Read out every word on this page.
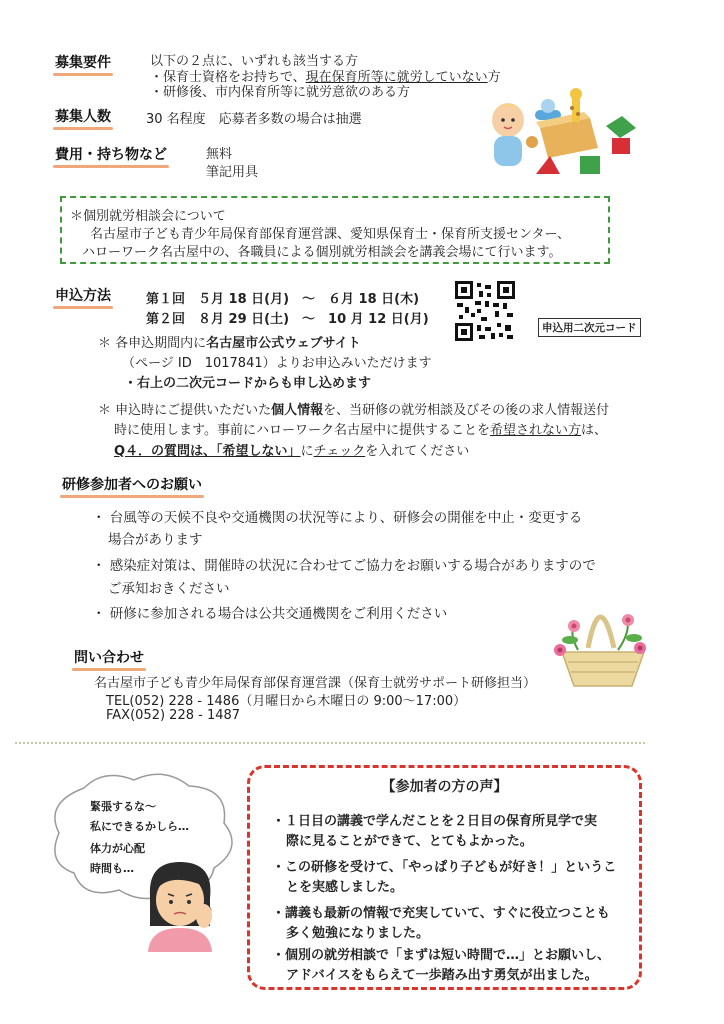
募集要件	以下の２点に、いずれも該当する方
・保育士資格をお持ちで、現在保育所等に就労していない方
・研修後、市内保育所等に就労意欲のある方
募集人数	30 名程度　応募者多数の場合は抽選
費用・持ち物など	無料
筆記用具
＊個別就労相談会について
名古屋市子ども青少年局保育部保育運営課、愛知県保育士・保育所支援センター、
ハローワーク名古屋中の、各職員による個別就労相談会を講義会場にて行います。
申込方法	第１回　５月 18 日(月)　～　６月 18 日(木)
第２回　８月 29 日(土)　～　10 月 12 日(月)
申込用二次元コード
＊ 各申込期間内に名古屋市公式ウェブサイト
（ページ ID　1017841）よりお申込みいただけます
・右上の二次元コードからも申し込めます
＊ 申込時にご提供いただいた個人情報を、当研修の就労相談及びその後の求人情報送付
時に使用します。事前にハローワーク名古屋中に提供することを希望されない方は、
Q４．の質問は、「希望しない」にチェックを入れてください
研修参加者へのお願い
・ 台風等の天候不良や交通機関の状況等により、研修会の開催を中止・変更する
場合があります
・ 感染症対策は、開催時の状況に合わせてご協力をお願いする場合がありますので
ご承知おきください
・ 研修に参加される場合は公共交通機関をご利用ください
問い合わせ
名古屋市子ども青少年局保育部保育運営課（保育士就労サポート研修担当）
TEL(052) 228 - 1486（月曜日から木曜日の 9:00～17:00）
FAX(052) 228 - 1487
緊張するな～
私にできるかしら…
体力が心配
時間も…
【参加者の方の声】
・１日目の講義で学んだことを２日目の保育所見学で実
際に見ることができて、とてもよかった。
・この研修を受けて、「やっぱり子どもが好き！」というこ
とを実感しました。
・講義も最新の情報で充実していて、すぐに役立つことも
多く勉強になりました。
・個別の就労相談で「まずは短い時間で…」とお願いし、
アドバイスをもらえて一歩踏み出す勇気が出ました。
